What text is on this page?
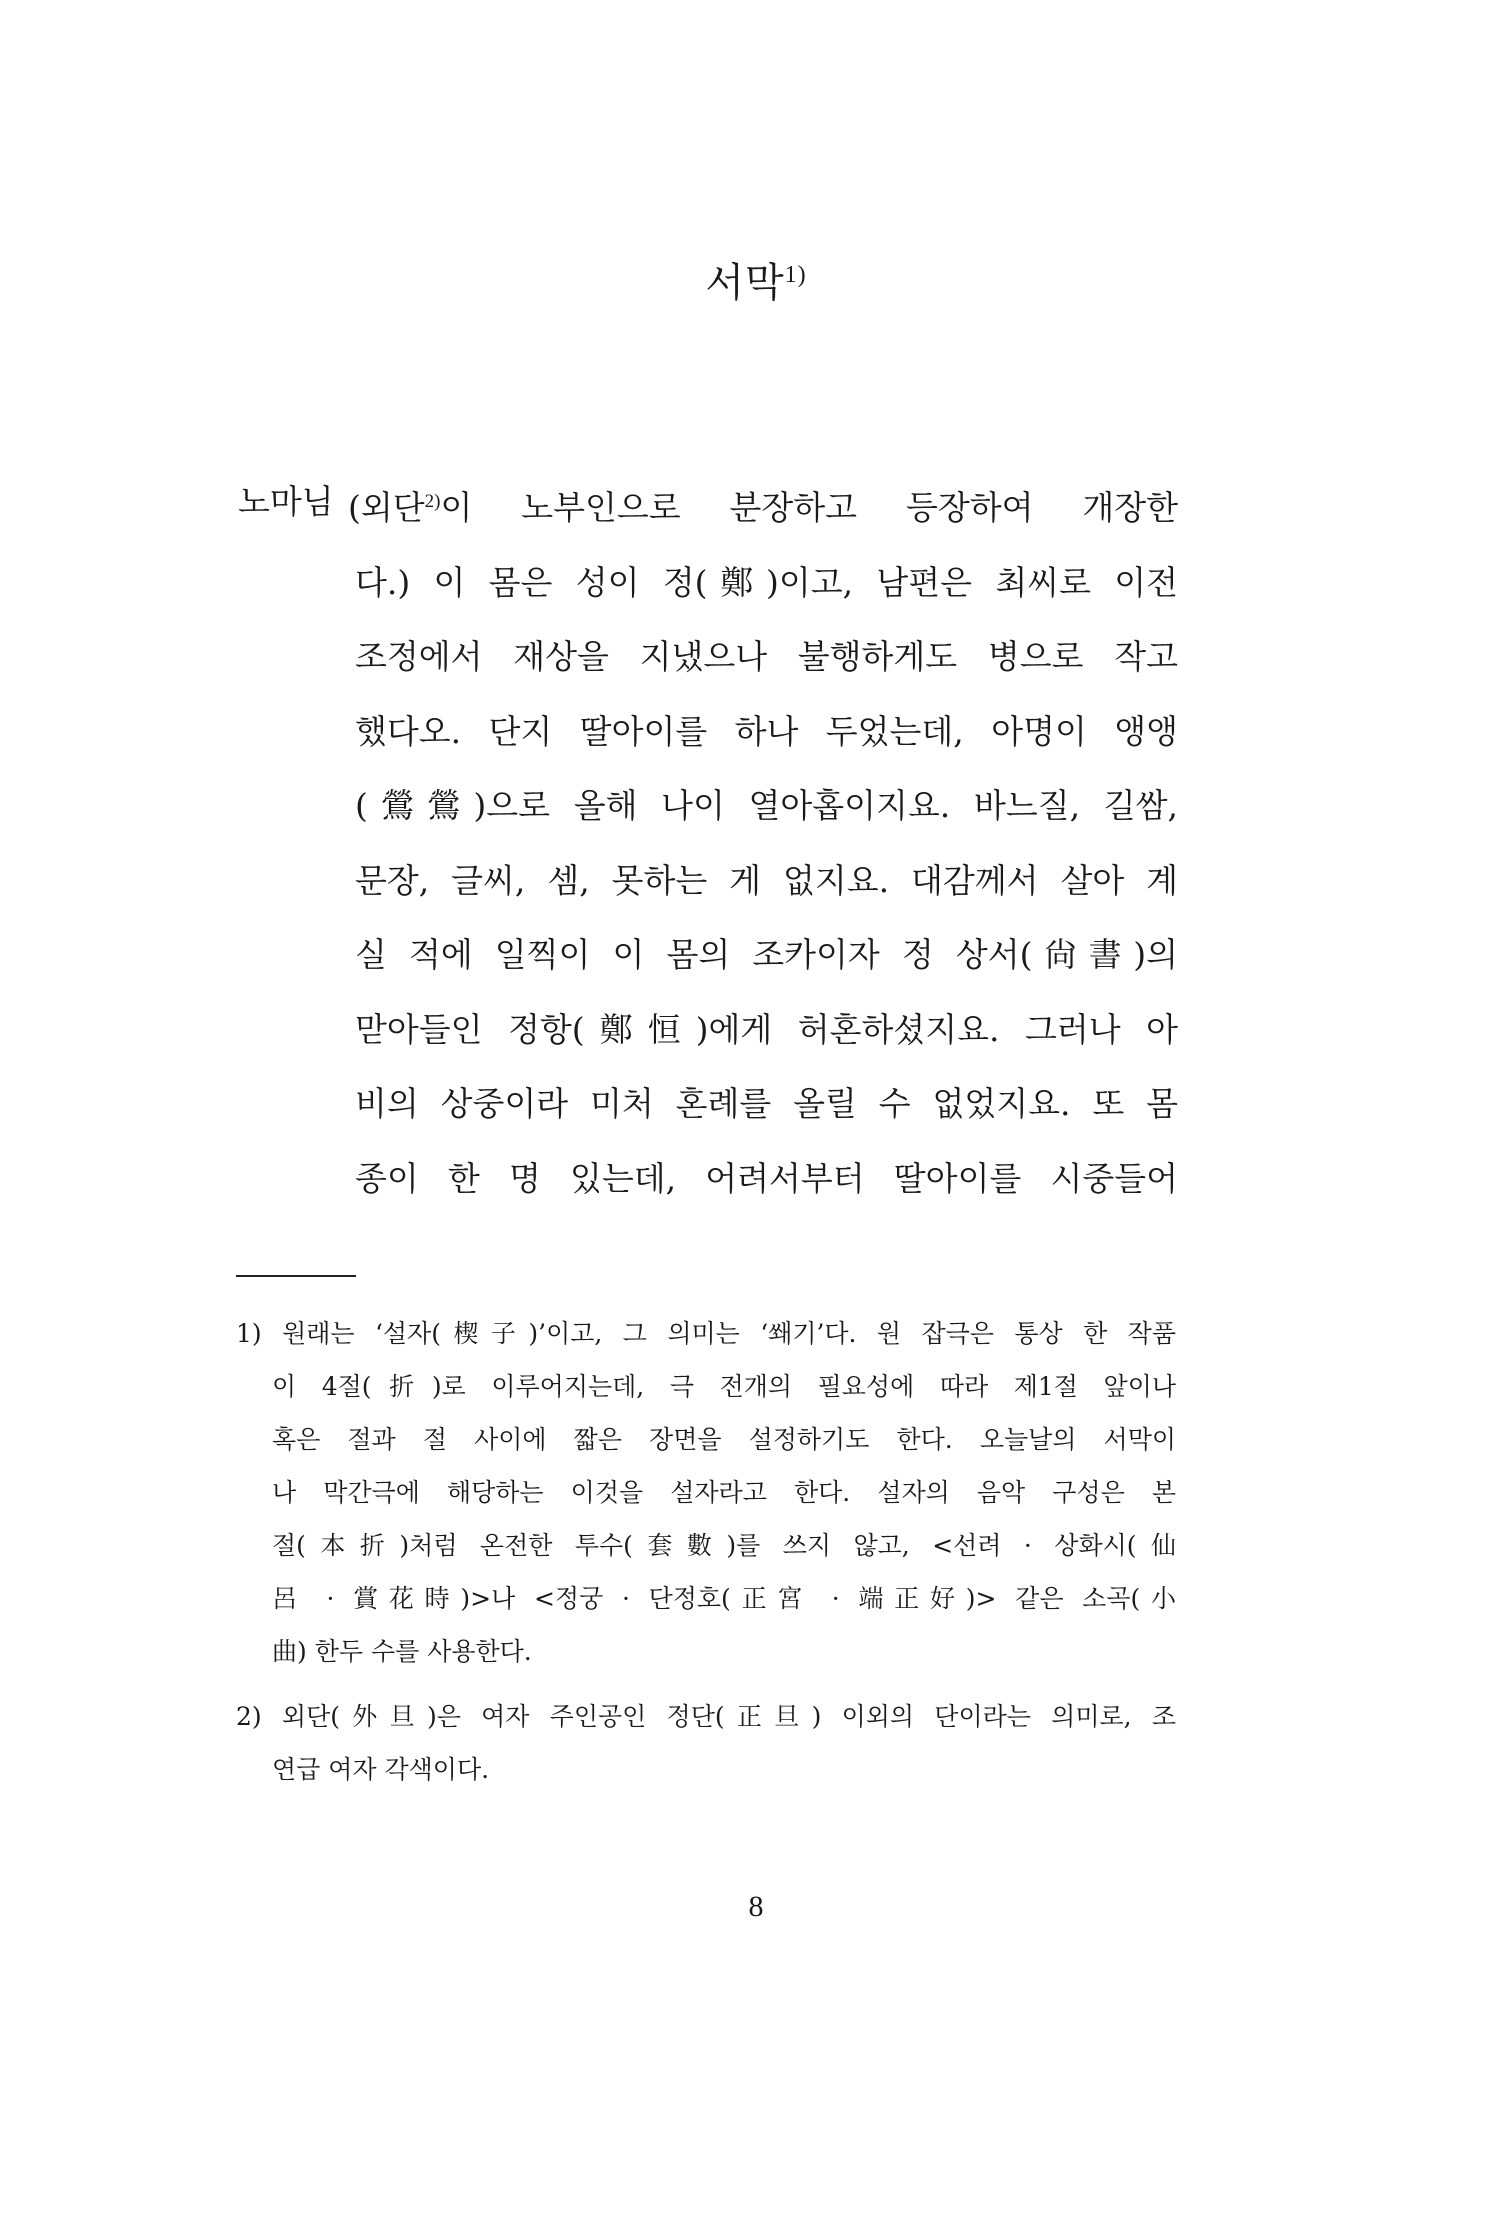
서막$^{1)}$
노마님 (외단$^{2)}$이 노부인으로 분장하고 등장하여 개장한
다.) 이 몸은 성이 정(鄭)이고, 남편은 최씨로 이전
조정에서 재상을 지냈으나 불행하게도 병으로 작고
했다오. 단지 딸아이를 하나 두었는데, 아명이 앵앵
(鶯鶯)으로 올해 나이 열아홉이지요. 바느질, 길쌈,
문장, 글씨, 셈, 못하는 게 없지요. 대감께서 살아 계
실 적에 일찍이 이 몸의 조카이자 정 상서(尙書)의
맏아들인 정항(鄭恒)에게 허혼하셨지요. 그러나 아
비의 상중이라 미처 혼례를 올릴 수 없었지요. 또 몸
종이 한 명 있는데, 어려서부터 딸아이를 시중들어
1) 원래는 ‘설자(楔子)’이고, 그 의미는 ‘쐐기’다. 원 잡극은 통상 한 작품
이 4절(折)로 이루어지는데, 극 전개의 필요성에 따라 제1절 앞이나
혹은 절과 절 사이에 짧은 장면을 설정하기도 한다. 오늘날의 서막이
나 막간극에 해당하는 이것을 설자라고 한다. 설자의 음악 구성은 본
절(本折)처럼 온전한 투수(套數)를 쓰지 않고, <선려 · 상화시(仙
呂 · 賞花時)>나 <정궁 · 단정호(正宮 · 端正好)> 같은 소곡(小
曲) 한두 수를 사용한다.
2) 외단(外旦)은 여자 주인공인 정단(正旦) 이외의 단이라는 의미로, 조
연급 여자 각색이다.
8
